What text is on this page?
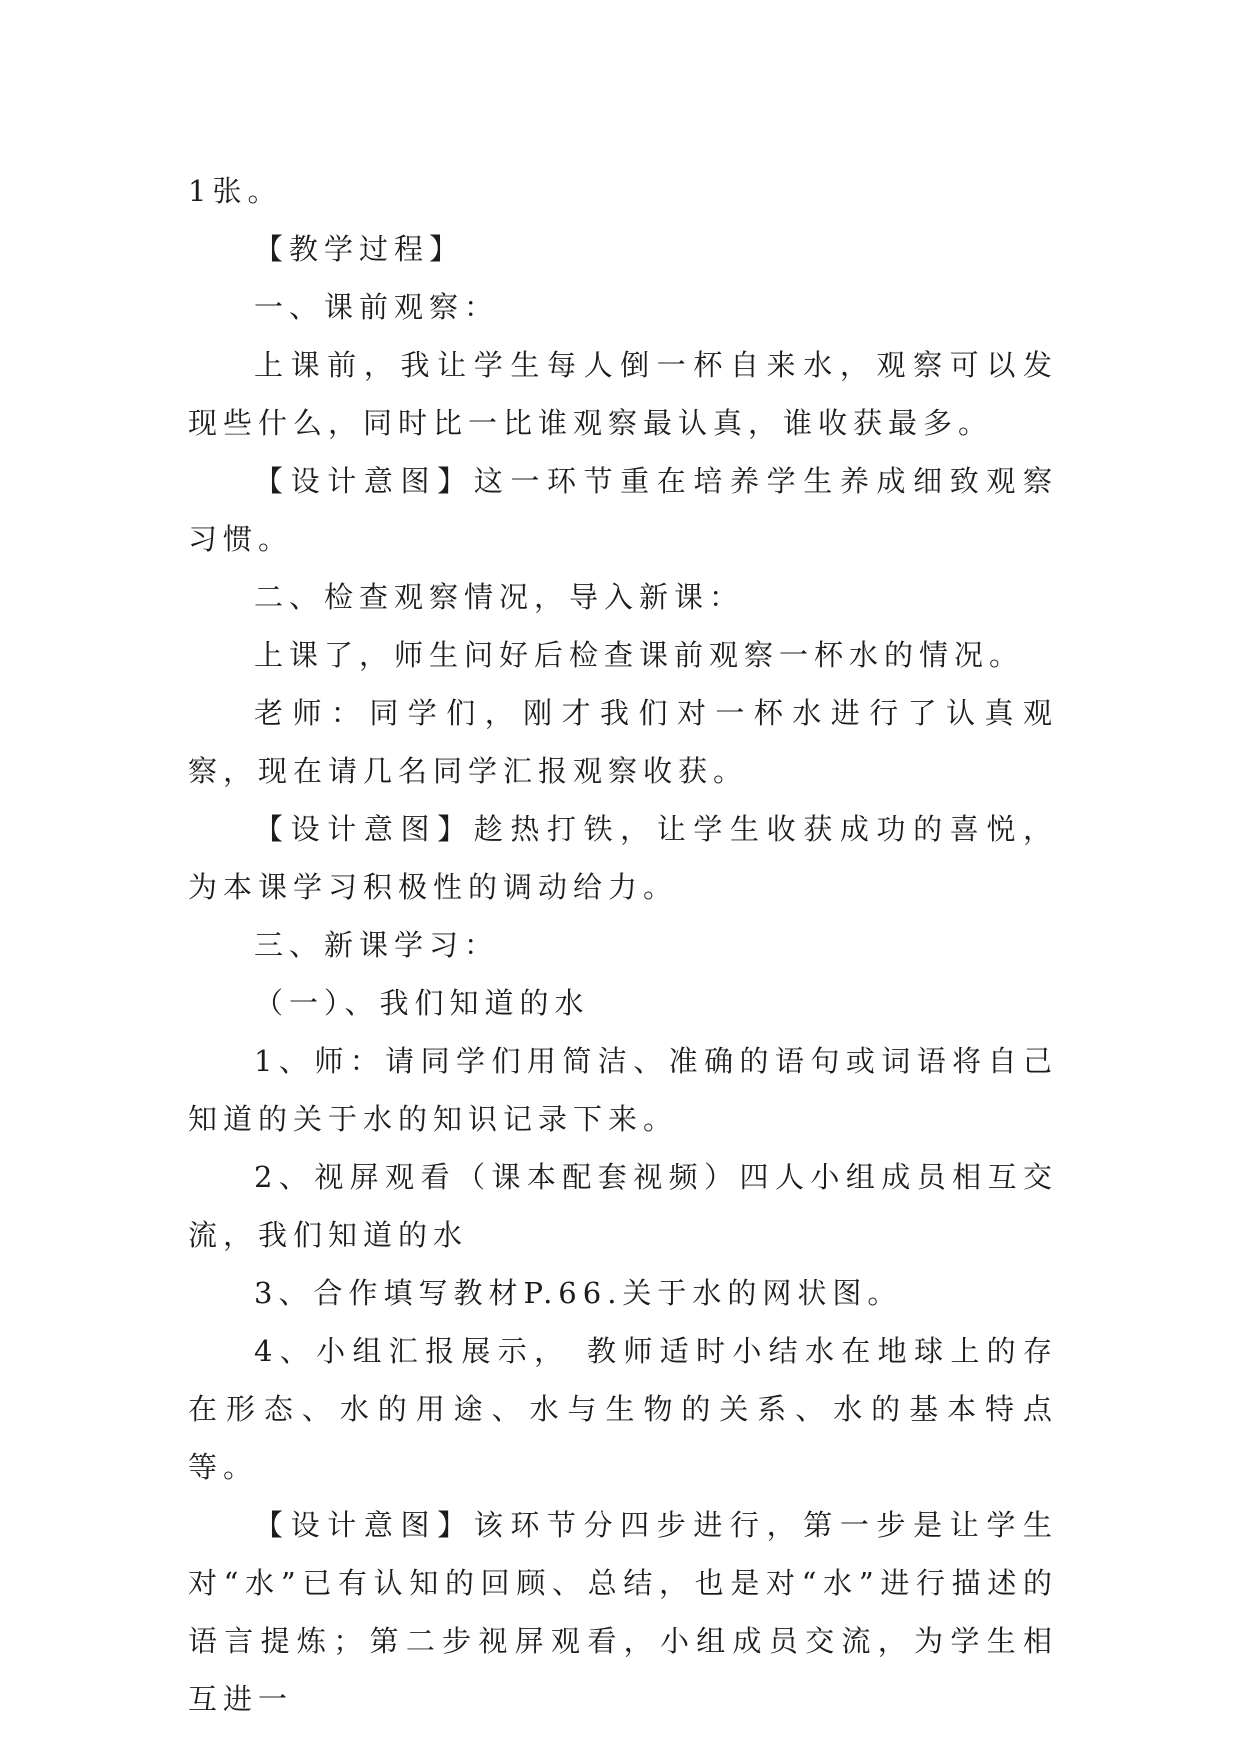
1张。

【教学过程】

一、课前观察：

上课前，我让学生每人倒一杯自来水，观察可以发现些什么，同时比一比谁观察最认真，谁收获最多。

【设计意图】这一环节重在培养学生养成细致观察习惯。

二、检查观察情况，导入新课：

上课了，师生问好后检查课前观察一杯水的情况。

老师：同学们，刚才我们对一杯水进行了认真观察，现在请几名同学汇报观察收获。

【设计意图】趁热打铁，让学生收获成功的喜悦，为本课学习积极性的调动给力。

三、新课学习：

（一）、我们知道的水

1、师：请同学们用简洁、准确的语句或词语将自己知道的关于水的知识记录下来。

2、视屏观看（课本配套视频）四人小组成员相互交流，我们知道的水

3、合作填写教材P.66.关于水的网状图。

4、小组汇报展示， 教师适时小结水在地球上的存在形态、水的用途、水与生物的关系、水的基本特点等。

【设计意图】该环节分四步进行，第一步是让学生对“水”已有认知的回顾、总结，也是对“水”进行描述的语言提炼；第二步视屏观看，小组成员交流，为学生相互进一
